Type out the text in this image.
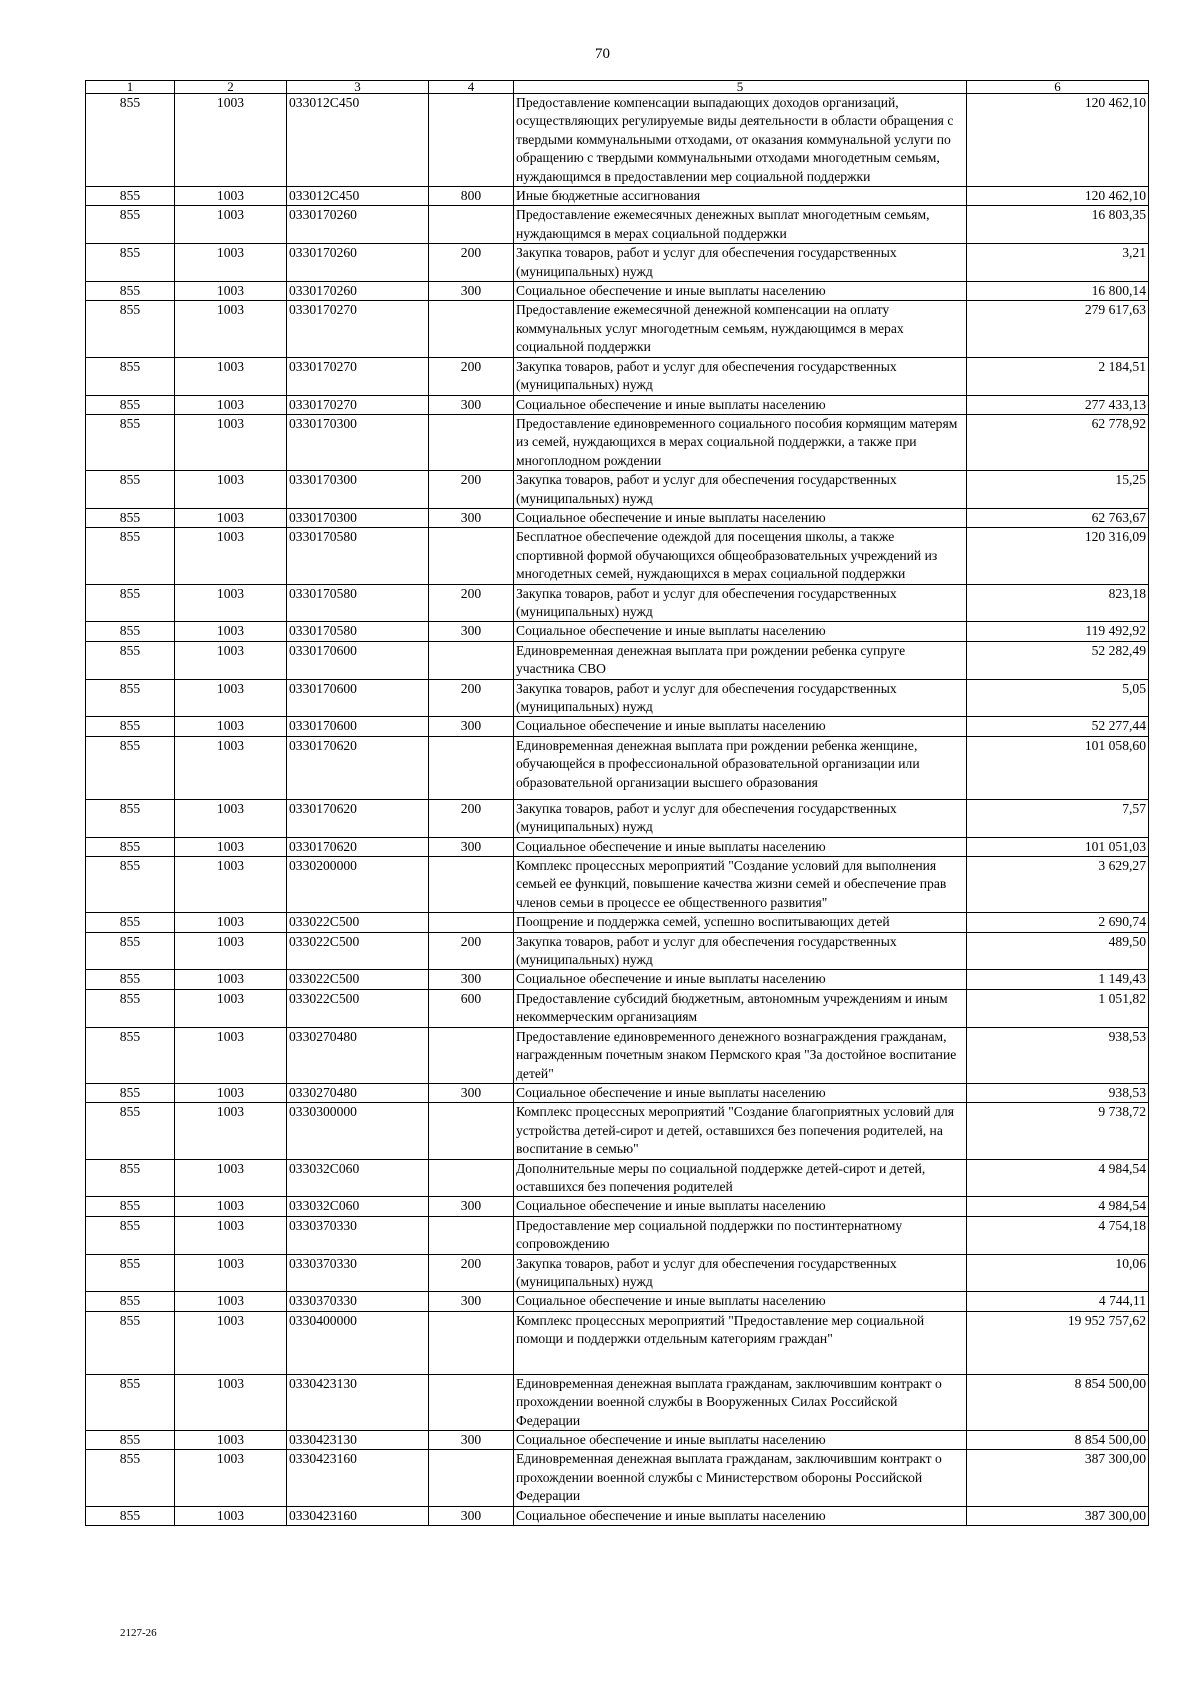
70
1	2	3	4	5	6
855	1003	033012С450		Предоставление компенсации выпадающих доходов организаций, осуществляющих регулируемые виды деятельности в области обращения с твердыми коммунальными отходами, от оказания коммунальной услуги по обращению с твердыми коммунальными отходами многодетным семьям, нуждающимся в предоставлении мер социальной поддержки	120 462,10
855	1003	033012С450	800	Иные бюджетные ассигнования	120 462,10
855	1003	0330170260		Предоставление ежемесячных денежных выплат многодетным семьям, нуждающимся в мерах социальной поддержки	16 803,35
855	1003	0330170260	200	Закупка товаров, работ и услуг для обеспечения государственных (муниципальных) нужд	3,21
855	1003	0330170260	300	Социальное обеспечение и иные выплаты населению	16 800,14
855	1003	0330170270		Предоставление ежемесячной денежной компенсации на оплату коммунальных услуг многодетным семьям, нуждающимся в мерах социальной поддержки	279 617,63
855	1003	0330170270	200	Закупка товаров, работ и услуг для обеспечения государственных (муниципальных) нужд	2 184,51
855	1003	0330170270	300	Социальное обеспечение и иные выплаты населению	277 433,13
855	1003	0330170300		Предоставление единовременного социального пособия кормящим матерям из семей, нуждающихся в мерах социальной поддержки, а также при многоплодном рождении	62 778,92
855	1003	0330170300	200	Закупка товаров, работ и услуг для обеспечения государственных (муниципальных) нужд	15,25
855	1003	0330170300	300	Социальное обеспечение и иные выплаты населению	62 763,67
855	1003	0330170580		Бесплатное обеспечение одеждой для посещения школы, а также спортивной формой обучающихся общеобразовательных учреждений из многодетных семей, нуждающихся в мерах социальной поддержки	120 316,09
855	1003	0330170580	200	Закупка товаров, работ и услуг для обеспечения государственных (муниципальных) нужд	823,18
855	1003	0330170580	300	Социальное обеспечение и иные выплаты населению	119 492,92
855	1003	0330170600		Единовременная денежная выплата при рождении ребенка супруге участника СВО	52 282,49
855	1003	0330170600	200	Закупка товаров, работ и услуг для обеспечения государственных (муниципальных) нужд	5,05
855	1003	0330170600	300	Социальное обеспечение и иные выплаты населению	52 277,44
855	1003	0330170620		Единовременная денежная выплата при рождении ребенка женщине, обучающейся в профессиональной образовательной организации или образовательной организации высшего образования	101 058,60
855	1003	0330170620	200	Закупка товаров, работ и услуг для обеспечения государственных (муниципальных) нужд	7,57
855	1003	0330170620	300	Социальное обеспечение и иные выплаты населению	101 051,03
855	1003	0330200000		Комплекс процессных мероприятий "Создание условий для выполнения семьей ее функций, повышение качества жизни семей и обеспечение прав членов семьи в процессе ее общественного развития"	3 629,27
855	1003	033022С500		Поощрение и поддержка семей, успешно воспитывающих детей	2 690,74
855	1003	033022С500	200	Закупка товаров, работ и услуг для обеспечения государственных (муниципальных) нужд	489,50
855	1003	033022С500	300	Социальное обеспечение и иные выплаты населению	1 149,43
855	1003	033022С500	600	Предоставление субсидий бюджетным, автономным учреждениям и иным некоммерческим организациям	1 051,82
855	1003	0330270480		Предоставление единовременного денежного вознаграждения гражданам, награжденным почетным знаком Пермского края "За достойное воспитание детей"	938,53
855	1003	0330270480	300	Социальное обеспечение и иные выплаты населению	938,53
855	1003	0330300000		Комплекс процессных мероприятий "Создание благоприятных условий для устройства детей-сирот и детей, оставшихся без попечения родителей, на воспитание в семью"	9 738,72
855	1003	033032С060		Дополнительные меры по социальной поддержке детей-сирот и детей, оставшихся без попечения родителей	4 984,54
855	1003	033032С060	300	Социальное обеспечение и иные выплаты населению	4 984,54
855	1003	0330370330		Предоставление мер социальной поддержки по постинтернатному сопровождению	4 754,18
855	1003	0330370330	200	Закупка товаров, работ и услуг для обеспечения государственных (муниципальных) нужд	10,06
855	1003	0330370330	300	Социальное обеспечение и иные выплаты населению	4 744,11
855	1003	0330400000		Комплекс процессных мероприятий "Предоставление мер социальной помощи и поддержки отдельным категориям граждан"	19 952 757,62
855	1003	0330423130		Единовременная денежная выплата гражданам, заключившим контракт о прохождении военной службы в Вооруженных Силах Российской Федерации	8 854 500,00
855	1003	0330423130	300	Социальное обеспечение и иные выплаты населению	8 854 500,00
855	1003	0330423160		Единовременная денежная выплата гражданам, заключившим контракт о прохождении военной службы с Министерством обороны Российской Федерации	387 300,00
855	1003	0330423160	300	Социальное обеспечение и иные выплаты населению	387 300,00
2127-26
